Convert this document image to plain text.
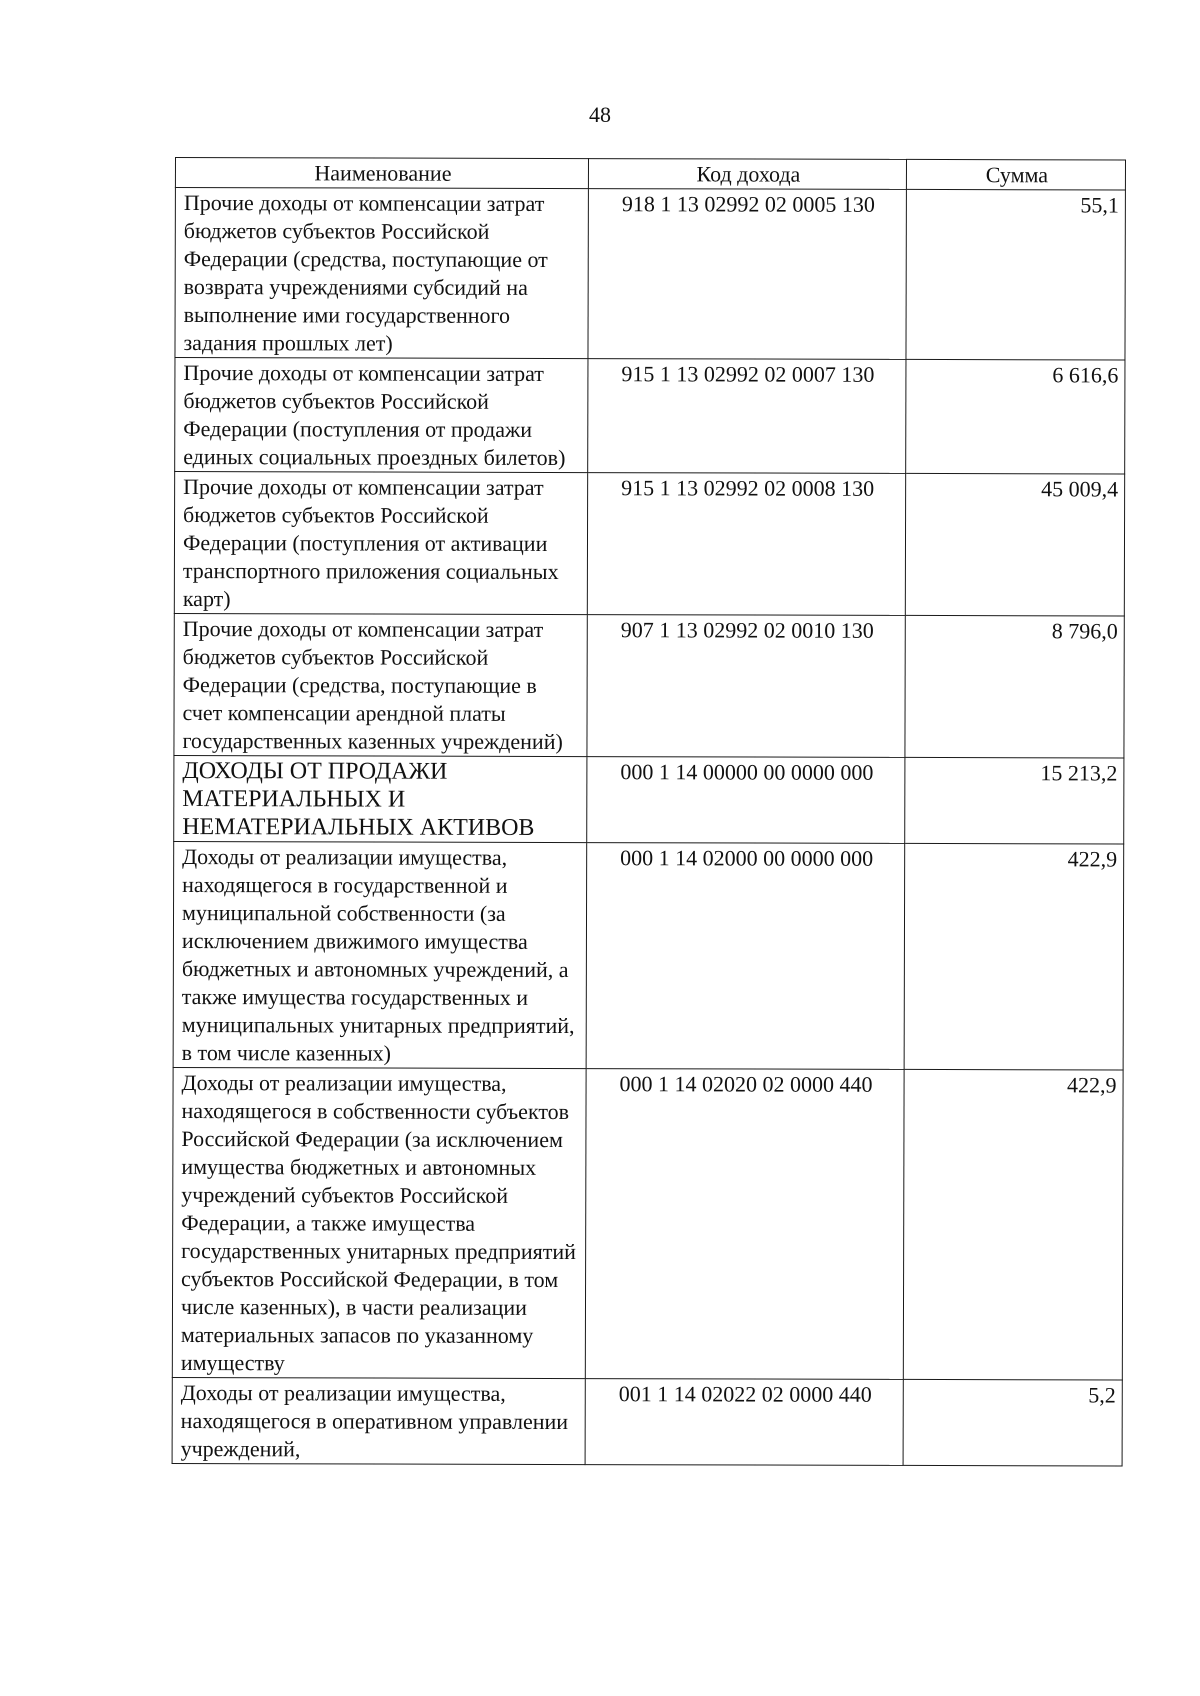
48
Наименование	Код дохода	Сумма
Прочие доходы от компенсации затрат бюджетов субъектов Российской Федерации (средства, поступающие от возврата учреждениями субсидий на выполнение ими государственного задания прошлых лет)	918 1 13 02992 02 0005 130	55,1
Прочие доходы от компенсации затрат бюджетов субъектов Российской Федерации (поступления от продажи единых социальных проездных билетов)	915 1 13 02992 02 0007 130	6 616,6
Прочие доходы от компенсации затрат бюджетов субъектов Российской Федерации (поступления от активации транспортного приложения социальных карт)	915 1 13 02992 02 0008 130	45 009,4
Прочие доходы от компенсации затрат бюджетов субъектов Российской Федерации (средства, поступающие в счет компенсации арендной платы государственных казенных учреждений)	907 1 13 02992 02 0010 130	8 796,0
ДОХОДЫ ОТ ПРОДАЖИ МАТЕРИАЛЬНЫХ И НЕМАТЕРИАЛЬНЫХ АКТИВОВ	000 1 14 00000 00 0000 000	15 213,2
Доходы от реализации имущества, находящегося в государственной и муниципальной собственности (за исключением движимого имущества бюджетных и автономных учреждений, а также имущества государственных и муниципальных унитарных предприятий, в том числе казенных)	000 1 14 02000 00 0000 000	422,9
Доходы от реализации имущества, находящегося в собственности субъектов Российской Федерации (за исключением имущества бюджетных и автономных учреждений субъектов Российской Федерации, а также имущества государственных унитарных предприятий субъектов Российской Федерации, в том числе казенных), в части реализации материальных запасов по указанному имуществу	000 1 14 02020 02 0000 440	422,9
Доходы от реализации имущества, находящегося в оперативном управлении учреждений,	001 1 14 02022 02 0000 440	5,2
